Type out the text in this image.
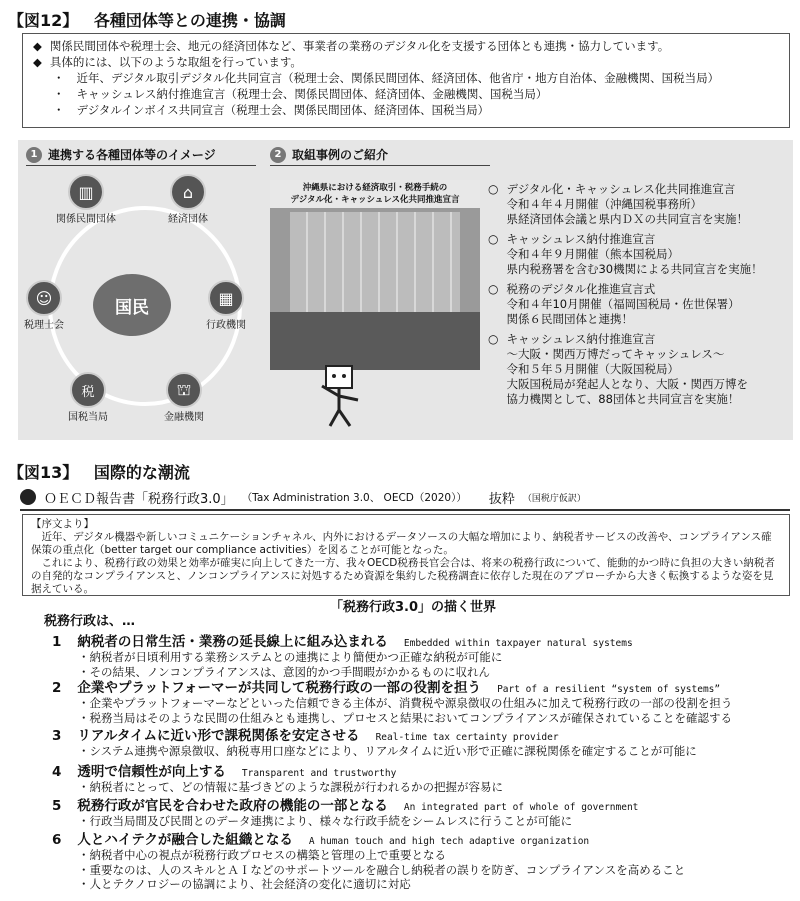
【図12】 各種団体等との連携・協調
◆ 関係民間団体や税理士会、地元の経済団体など、事業者の業務のデジタル化を支援する団体とも連携・協力しています。
◆ 具体的には、以下のような取組を行っています。
・ 近年、デジタル取引デジタル化共同宣言（税理士会、関係民間団体、経済団体、他省庁・地方自治体、金融機関、国税当局）
・ キャッシュレス納付推進宣言（税理士会、関係民間団体、経済団体、金融機関、国税当局）
・ デジタルインボイス共同宣言（税理士会、関係民間団体、経済団体、国税当局）
1 連携する各種団体等のイメージ
国民
▥
関係民間団体
⌂
経済団体
☺
税理士会
▦
行政機関
税
国税当局
⛫
金融機関
2 取組事例のご紹介
沖縄県における経済取引・税務手続の
デジタル化・キャッシュレス化共同推進宣言
○ デジタル化・キャッシュレス化共同推進宣言
令和４年４月開催（沖縄国税事務所）
県経済団体会議と県内ＤＸの共同宣言を実施！
○ キャッシュレス納付推進宣言
令和４年９月開催（熊本国税局）
県内税務署を含む30機関による共同宣言を実施！
○ 税務のデジタル化推進宣言式
令和４年10月開催（福岡国税局・佐世保署）
関係６民間団体と連携！
○ キャッシュレス納付推進宣言
～大阪・関西万博だってキャッシュレス～
令和５年５月開催（大阪国税局）
大阪国税局が発起人となり、大阪・関西万博を
協力機関として、88団体と共同宣言を実施！
【図13】 国際的な潮流
ＯＥＣＤ報告書「税務行政3.0」 （Tax Administration 3.0、 OECD（2020）） 抜粋 （国税庁仮訳）
【序文より】
近年、デジタル機器や新しいコミュニケーションチャネル、内外におけるデータソースの大幅な増加により、納税者サービスの改善や、コンプライアンス確保策の重点化（better target our compliance activities）を図ることが可能となった。
これにより、税務行政の効果と効率が確実に向上してきた一方、我々OECD税務長官会合は、将来の税務行政について、能動的かつ時に負担の大きい納税者の自発的なコンプライアンスと、ノンコンプライアンスに対処するため資源を集約した税務調査に依存した現在のアプローチから大きく転換するような姿を見据えている。
「税務行政3.0」の描く世界
税務行政は、…
1 納税者の日常生活・業務の延長線上に組み込まれる Embedded within taxpayer natural systems
・納税者が日頃利用する業務システムとの連携により簡便かつ正確な納税が可能に
・その結果、ノンコンプライアンスは、意図的かつ手間暇がかかるものに収れん
2 企業やプラットフォーマーが共同して税務行政の一部の役割を担う Part of a resilient “system of systems”
・企業やプラットフォーマーなどといった信頼できる主体が、消費税や源泉徴収の仕組みに加えて税務行政の一部の役割を担う
・税務当局はそのような民間の仕組みとも連携し、プロセスと結果においてコンプライアンスが確保されていることを確認する
3 リアルタイムに近い形で課税関係を安定させる Real-time tax certainty provider
・システム連携や源泉徴収、納税専用口座などにより、リアルタイムに近い形で正確に課税関係を確定することが可能に
4 透明で信頼性が向上する Transparent and trustworthy
・納税者にとって、どの情報に基づきどのような課税が行われるかの把握が容易に
5 税務行政が官民を合わせた政府の機能の一部となる An integrated part of whole of government
・行政当局間及び民間とのデータ連携により、様々な行政手続をシームレスに行うことが可能に
6 人とハイテクが融合した組織となる A human touch and high tech adaptive organization
・納税者中心の視点が税務行政プロセスの構築と管理の上で重要となる
・重要なのは、人のスキルとＡＩなどのサポートツールを融合し納税者の誤りを防ぎ、コンプライアンスを高めること
・人とテクノロジーの協調により、社会経済の変化に適切に対応
